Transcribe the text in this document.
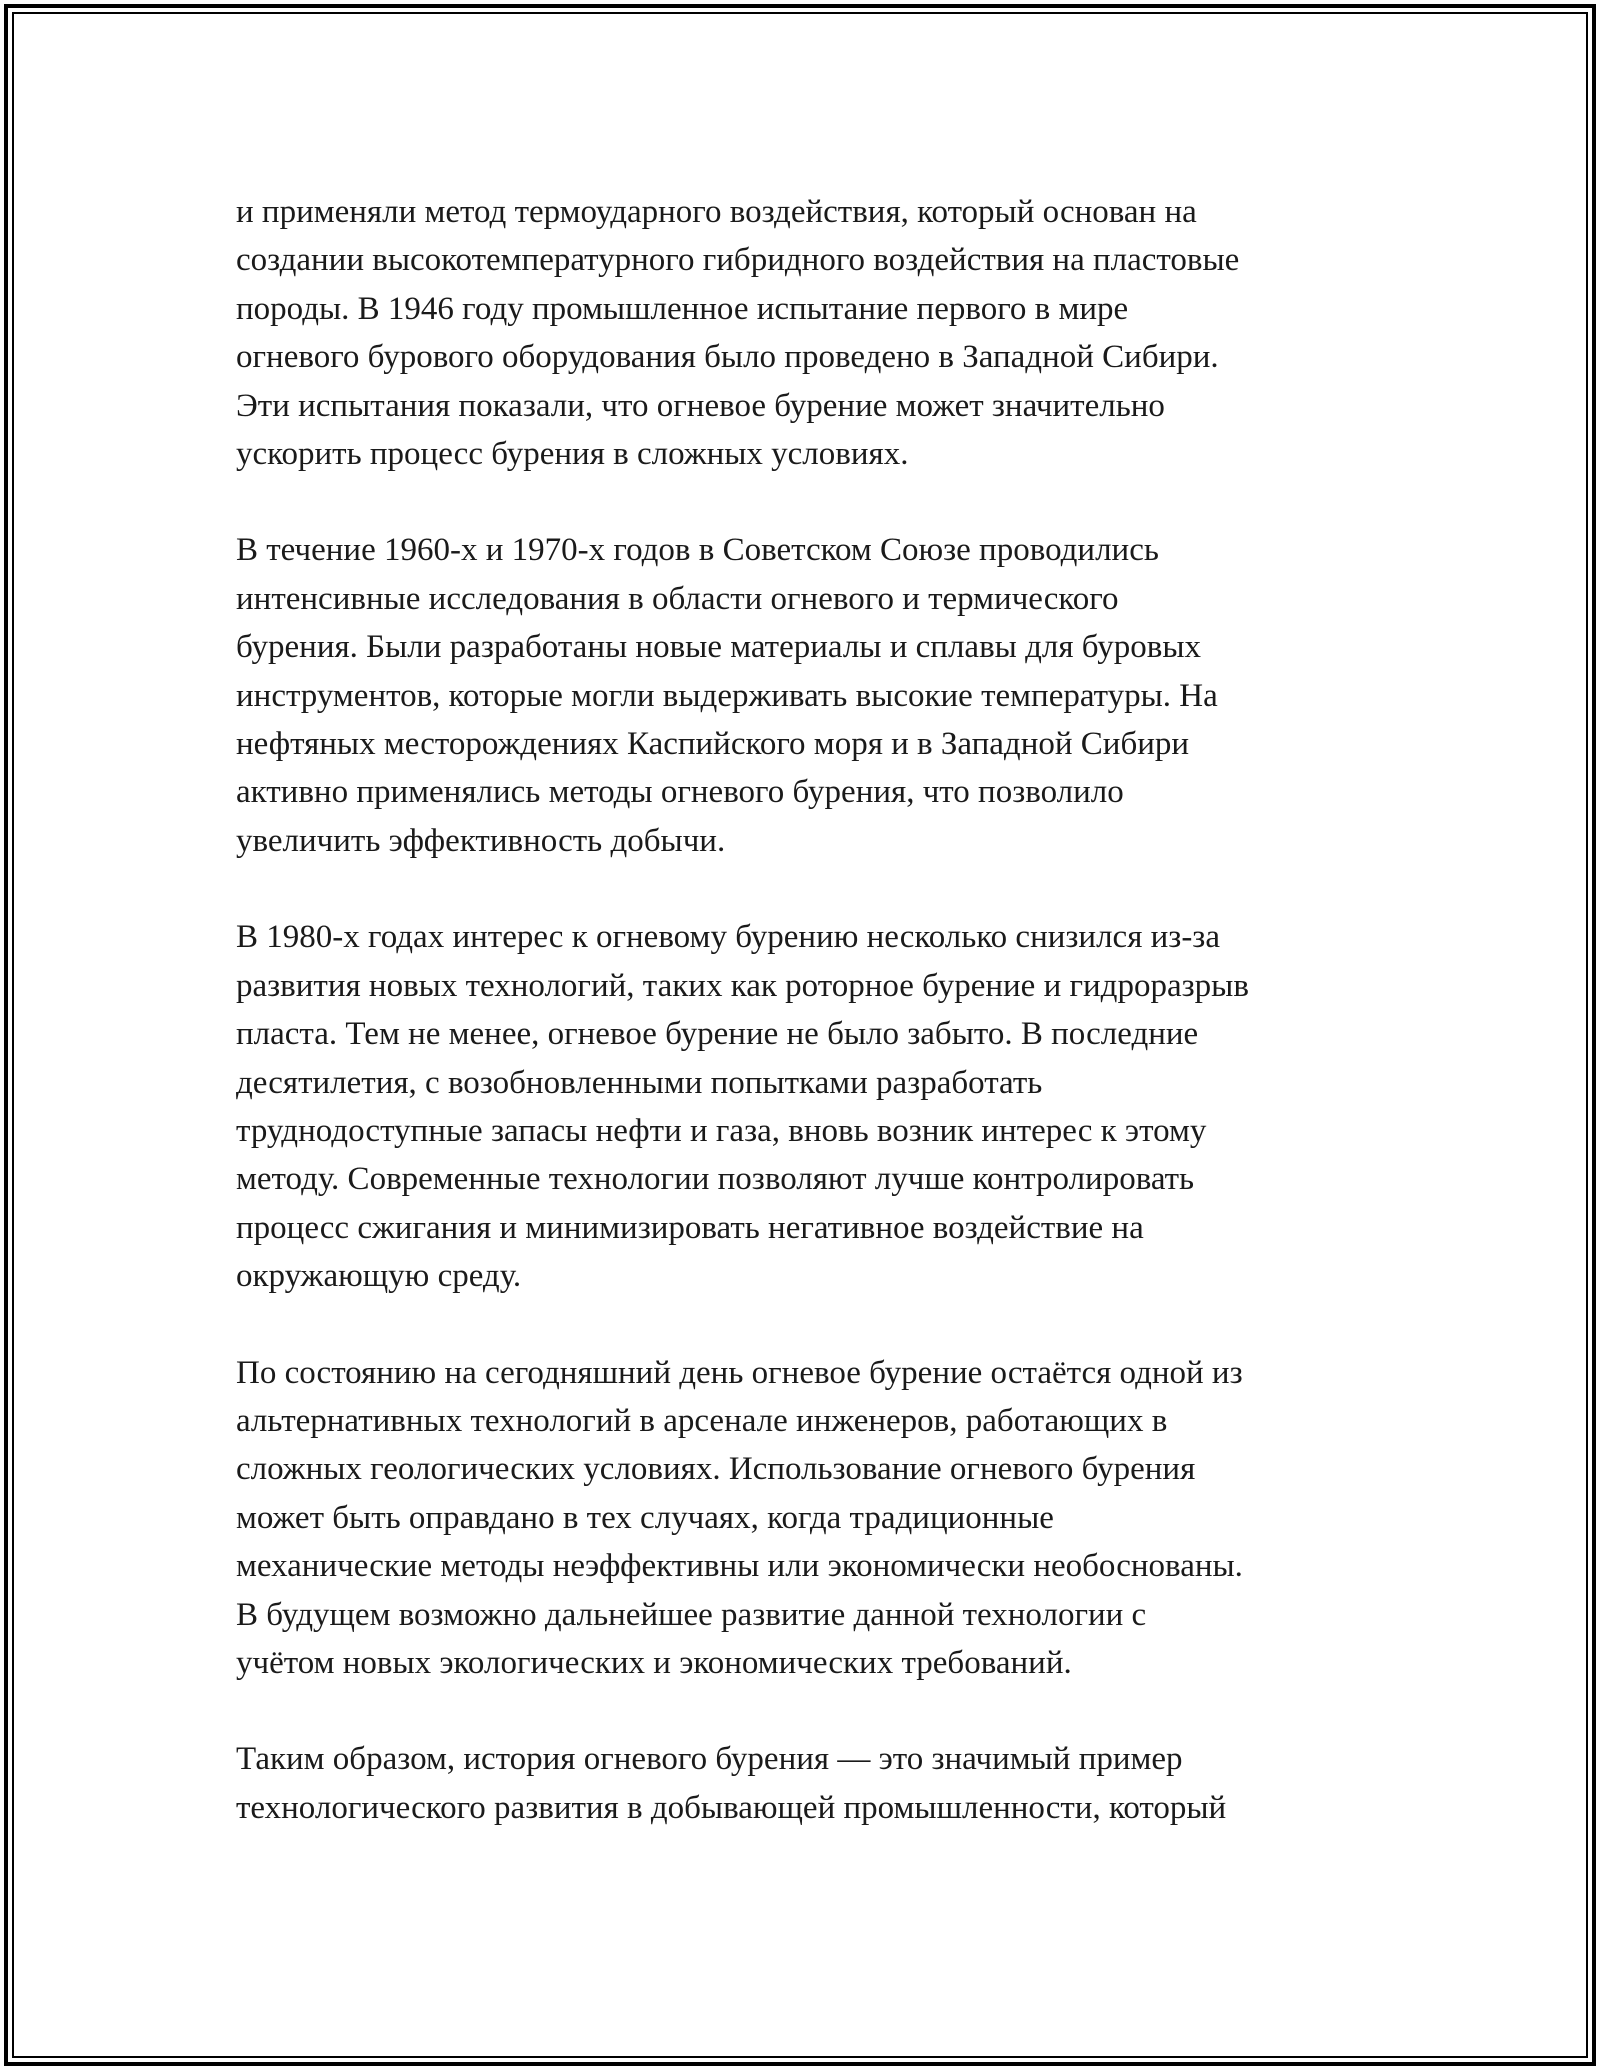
и применяли метод термоударного воздействия, который основан на
создании высокотемпературного гибридного воздействия на пластовые
породы. В 1946 году промышленное испытание первого в мире
огневого бурового оборудования было проведено в Западной Сибири.
Эти испытания показали, что огневое бурение может значительно
ускорить процесс бурения в сложных условиях.

В течение 1960-х и 1970-х годов в Советском Союзе проводились
интенсивные исследования в области огневого и термического
бурения. Были разработаны новые материалы и сплавы для буровых
инструментов, которые могли выдерживать высокие температуры. На
нефтяных месторождениях Каспийского моря и в Западной Сибири
активно применялись методы огневого бурения, что позволило
увеличить эффективность добычи.

В 1980-х годах интерес к огневому бурению несколько снизился из-за
развития новых технологий, таких как роторное бурение и гидроразрыв
пласта. Тем не менее, огневое бурение не было забыто. В последние
десятилетия, с возобновленными попытками разработать
труднодоступные запасы нефти и газа, вновь возник интерес к этому
методу. Современные технологии позволяют лучше контролировать
процесс сжигания и минимизировать негативное воздействие на
окружающую среду.

По состоянию на сегодняшний день огневое бурение остаётся одной из
альтернативных технологий в арсенале инженеров, работающих в
сложных геологических условиях. Использование огневого бурения
может быть оправдано в тех случаях, когда традиционные
механические методы неэффективны или экономически необоснованы.
В будущем возможно дальнейшее развитие данной технологии с
учётом новых экологических и экономических требований.

Таким образом, история огневого бурения — это значимый пример
технологического развития в добывающей промышленности, который
